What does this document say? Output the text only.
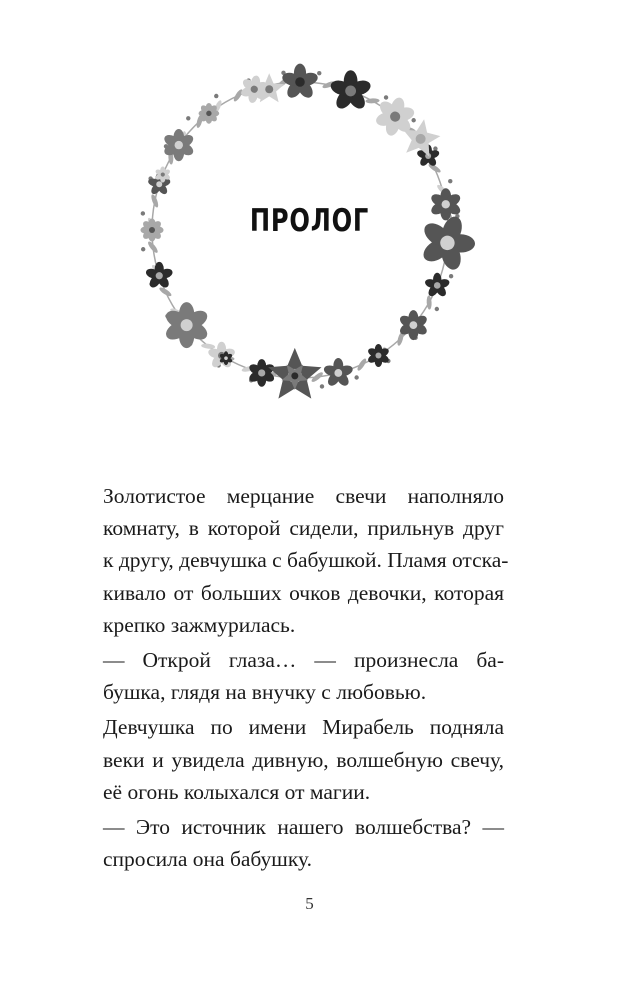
ПРОЛОГ

Золотистое мерцание свечи наполняло
комнату, в которой сидели, прильнув друг
к другу, девчушка с бабушкой. Пламя отска-
кивало от больших очков девочки, которая
крепко зажмурилась.

— Открой глаза… — произнесла ба-
бушка, глядя на внучку с любовью.

Девчушка по имени Мирабель подняла
веки и увидела дивную, волшебную свечу,
её огонь колыхался от магии.

— Это источник нашего волшебства? —
спросила она бабушку.

5
